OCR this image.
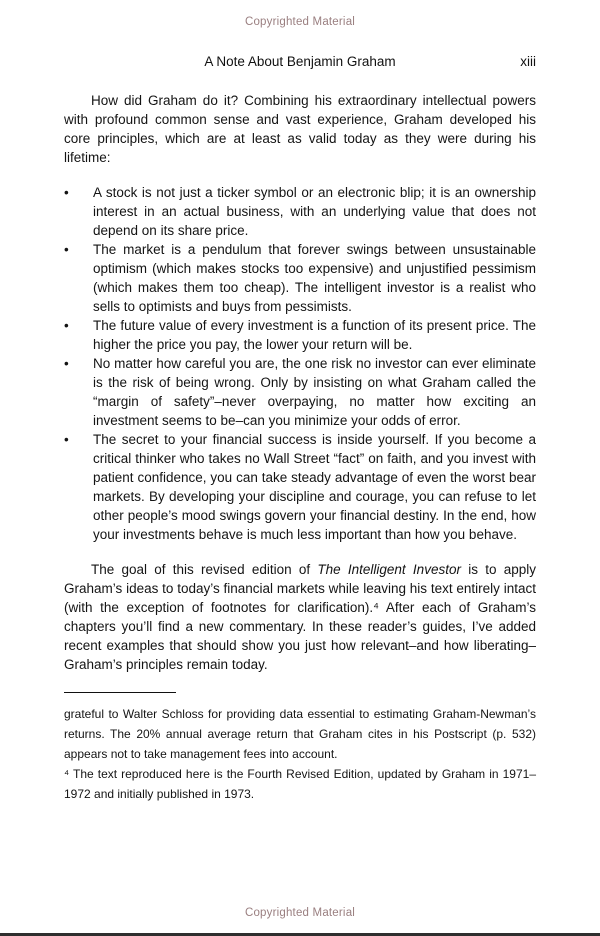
Copyrighted Material
A Note About Benjamin Graham	xiii

How did Graham do it? Combining his extraordinary intellectual powers with profound common sense and vast experience, Graham developed his core principles, which are at least as valid today as they were during his lifetime:

•	A stock is not just a ticker symbol or an electronic blip; it is an ownership interest in an actual business, with an underlying value that does not depend on its share price.
•	The market is a pendulum that forever swings between unsustainable optimism (which makes stocks too expensive) and unjustified pessimism (which makes them too cheap). The intelligent investor is a realist who sells to optimists and buys from pessimists.
•	The future value of every investment is a function of its present price. The higher the price you pay, the lower your return will be.
•	No matter how careful you are, the one risk no investor can ever eliminate is the risk of being wrong. Only by insisting on what Graham called the “margin of safety”–never overpaying, no matter how exciting an investment seems to be–can you minimize your odds of error.
•	The secret to your financial success is inside yourself. If you become a critical thinker who takes no Wall Street “fact” on faith, and you invest with patient confidence, you can take steady advantage of even the worst bear markets. By developing your discipline and courage, you can refuse to let other people’s mood swings govern your financial destiny. In the end, how your investments behave is much less important than how you behave.

The goal of this revised edition of The Intelligent Investor is to apply Graham’s ideas to today’s financial markets while leaving his text entirely intact (with the exception of footnotes for clarification).⁴ After each of Graham’s chapters you’ll find a new commentary. In these reader’s guides, I’ve added recent examples that should show you just how relevant–and how liberating–Graham’s principles remain today.

grateful to Walter Schloss for providing data essential to estimating Graham-Newman’s returns. The 20% annual average return that Graham cites in his Postscript (p. 532) appears not to take management fees into account.

⁴ The text reproduced here is the Fourth Revised Edition, updated by Graham in 1971–1972 and initially published in 1973.

Copyrighted Material
